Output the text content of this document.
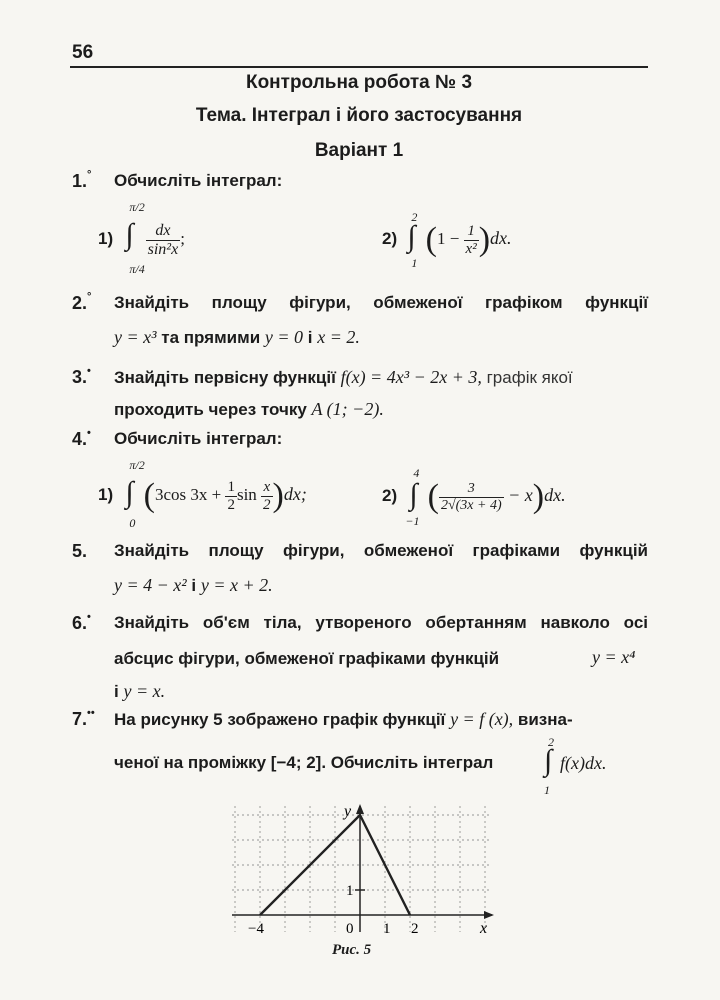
56
Контрольна робота № 3
Тема. Інтеграл і його застосування
Варіант 1
1.° Обчисліть інтеграл:
1)
π/2
∫
π/4

$\frac{dx}{\text{sin²x}}$ ;	2)
2
∫
1
$(1 - \frac{1}{\text{x²}} )dx$.
2.° Знайдіть площу фігури, обмеженої графіком функції
y = x³ та прямими y = 0 і x = 2.
3.• Знайдіть первісну функції f(x) = 4x³ − 2x + 3, графік якої
проходить через точку A (1; −2).
4.• Обчисліть інтеграл:
1)
π/2
∫
0
(3cos $3x + \frac{1}{2}$ $\sin \frac{x}{2} )dx$;	2)
4
∫
−1
( $\frac{3}{2√(3x + 4)} - x)dx$.
5. Знайдіть площу фігури, обмеженої графіками функцій
y = 4 − x² і y = x + 2.
6.• Знайдіть об'єм тіла, утвореного обертанням навколо осі
абсцис фігури, обмеженої графіками функцій	y = x⁴
і y = x.
7.•• На рисунку 5 зображено графік функції y = f (x), визна-
ченої на проміжку [−4; 2]. Обчисліть інтеграл
2
∫
1
f(x)dx.
x
y
−4	0 1 2
1
Рис. 5
